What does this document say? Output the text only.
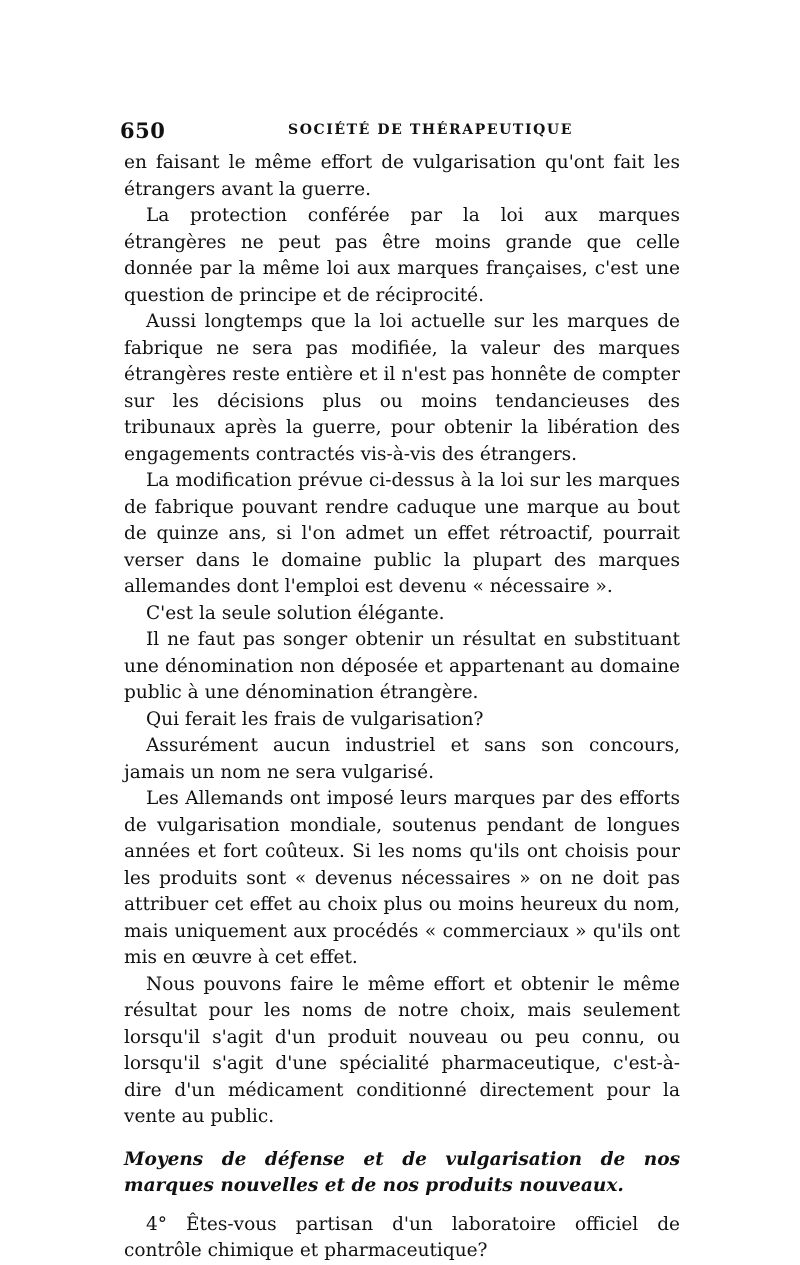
650	SOCIÉTÉ DE THÉRAPEUTIQUE

en faisant le même effort de vulgarisation qu'ont fait les étrangers avant la guerre.

La protection conférée par la loi aux marques étrangères ne peut pas être moins grande que celle donnée par la même loi aux marques françaises, c'est une question de principe et de réciprocité.

Aussi longtemps que la loi actuelle sur les marques de fabrique ne sera pas modifiée, la valeur des marques étrangères reste entière et il n'est pas honnête de compter sur les décisions plus ou moins tendancieuses des tribunaux après la guerre, pour obtenir la libération des engagements contractés vis-à-vis des étrangers.

La modification prévue ci-dessus à la loi sur les marques de fabrique pouvant rendre caduque une marque au bout de quinze ans, si l'on admet un effet rétroactif, pourrait verser dans le domaine public la plupart des marques allemandes dont l'emploi est devenu « nécessaire ».

C'est la seule solution élégante.

Il ne faut pas songer obtenir un résultat en substituant une dénomination non déposée et appartenant au domaine public à une dénomination étrangère.

Qui ferait les frais de vulgarisation?

Assurément aucun industriel et sans son concours, jamais un nom ne sera vulgarisé.

Les Allemands ont imposé leurs marques par des efforts de vulgarisation mondiale, soutenus pendant de longues années et fort coûteux. Si les noms qu'ils ont choisis pour les produits sont « devenus nécessaires » on ne doit pas attribuer cet effet au choix plus ou moins heureux du nom, mais uniquement aux procédés « commerciaux » qu'ils ont mis en œuvre à cet effet.

Nous pouvons faire le même effort et obtenir le même résultat pour les noms de notre choix, mais seulement lorsqu'il s'agit d'un produit nouveau ou peu connu, ou lorsqu'il s'agit d'une spécialité pharmaceutique, c'est-à-dire d'un médicament conditionné directement pour la vente au public.

Moyens de défense et de vulgarisation de nos marques nouvelles et de nos produits nouveaux.

4° Êtes-vous partisan d'un laboratoire officiel de contrôle chimique et pharmaceutique?
